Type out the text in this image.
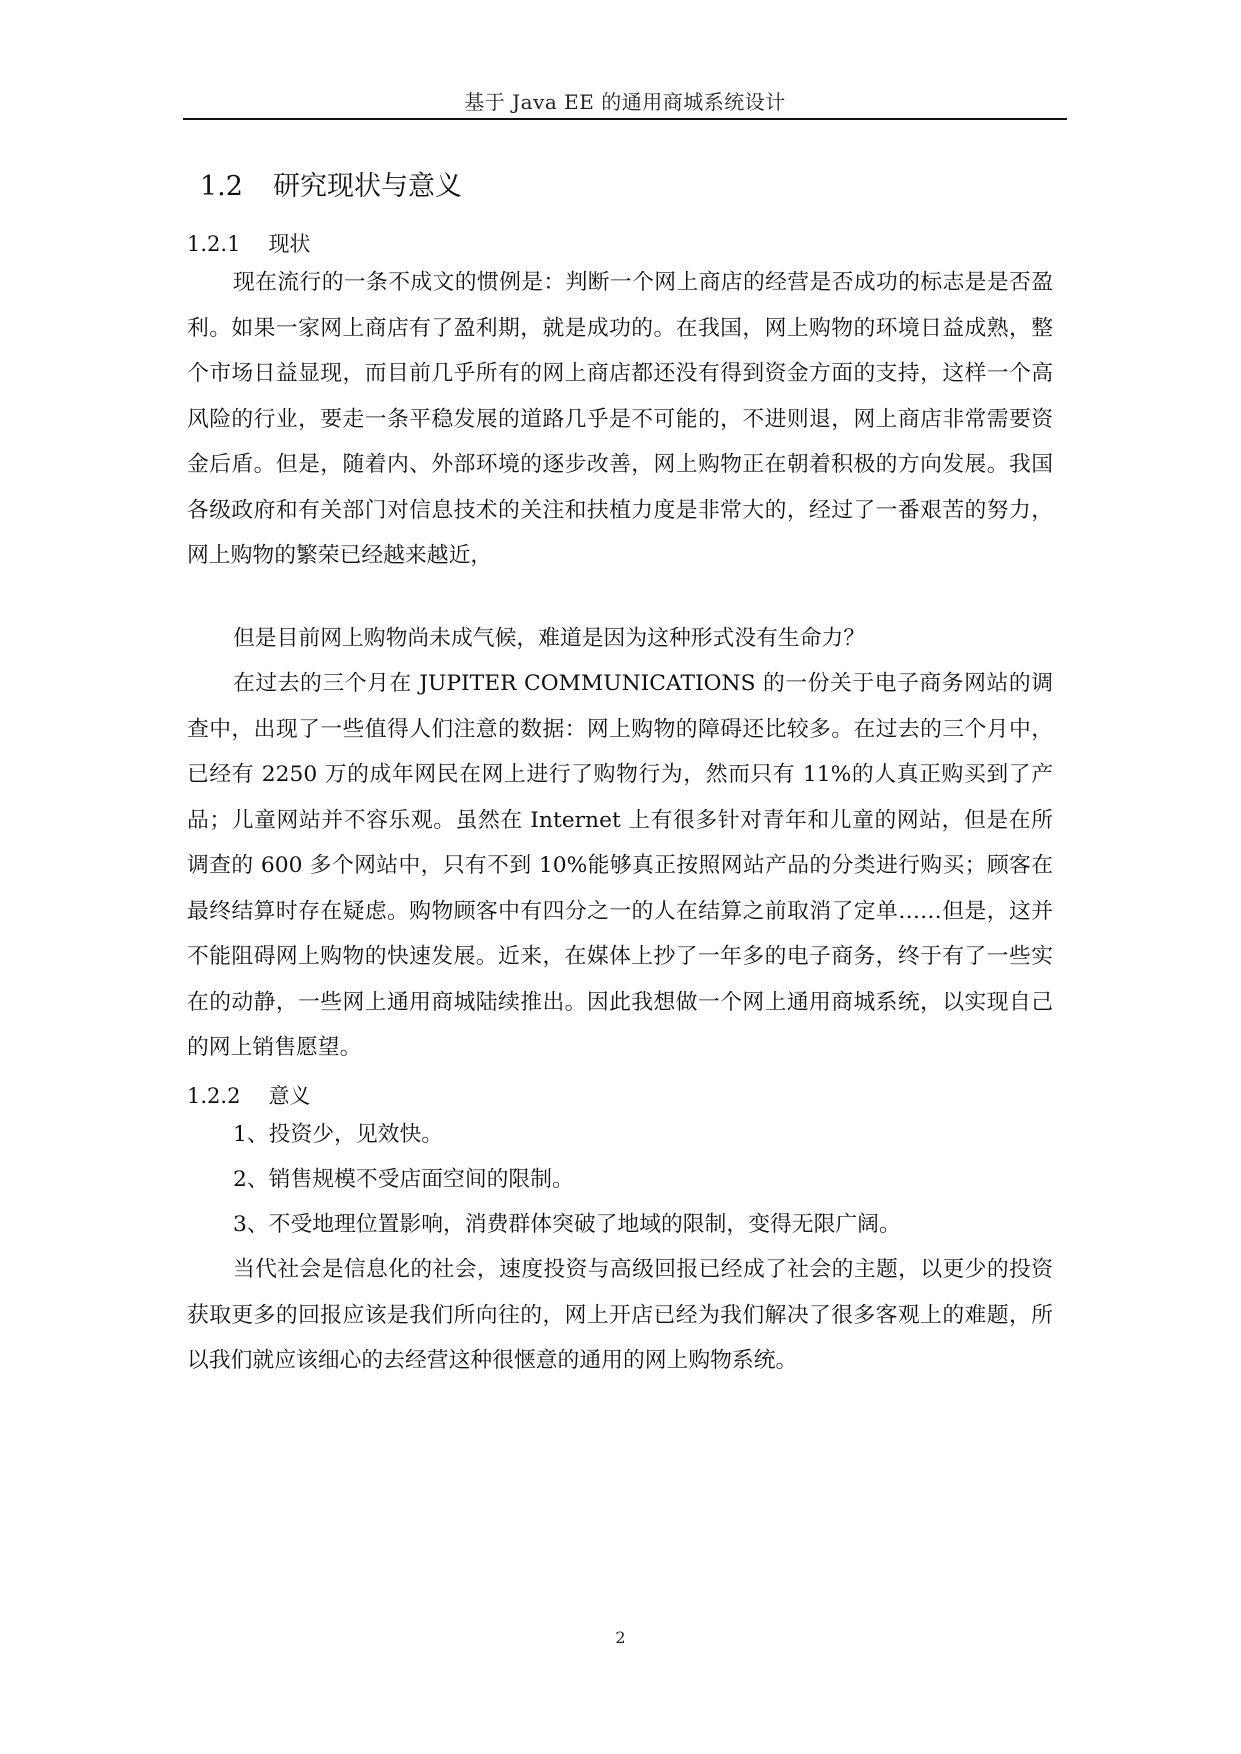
基于 Java EE 的通用商城系统设计
1.2 研究现状与意义
1.2.1 现状

现在流行的一条不成文的惯例是：判断一个网上商店的经营是否成功的标志是是否盈利。如果一家网上商店有了盈利期，就是成功的。在我国，网上购物的环境日益成熟，整个市场日益显现，而目前几乎所有的网上商店都还没有得到资金方面的支持，这样一个高风险的行业，要走一条平稳发展的道路几乎是不可能的，不进则退，网上商店非常需要资金后盾。但是，随着内、外部环境的逐步改善，网上购物正在朝着积极的方向发展。我国各级政府和有关部门对信息技术的关注和扶植力度是非常大的，经过了一番艰苦的努力，网上购物的繁荣已经越来越近，

但是目前网上购物尚未成气候，难道是因为这种形式没有生命力？

在过去的三个月在 JUPITER COMMUNICATIONS 的一份关于电子商务网站的调查中，出现了一些值得人们注意的数据：网上购物的障碍还比较多。在过去的三个月中，已经有 2250 万的成年网民在网上进行了购物行为，然而只有 11%的人真正购买到了产品；儿童网站并不容乐观。虽然在 Internet 上有很多针对青年和儿童的网站，但是在所调查的 600 多个网站中，只有不到 10%能够真正按照网站产品的分类进行购买；顾客在最终结算时存在疑虑。购物顾客中有四分之一的人在结算之前取消了定单……但是，这并不能阻碍网上购物的快速发展。近来，在媒体上抄了一年多的电子商务，终于有了一些实在的动静，一些网上通用商城陆续推出。因此我想做一个网上通用商城系统，以实现自己的网上销售愿望。

1.2.2 意义

1、投资少，见效快。

2、销售规模不受店面空间的限制。

3、不受地理位置影响，消费群体突破了地域的限制，变得无限广阔。

当代社会是信息化的社会，速度投资与高级回报已经成了社会的主题，以更少的投资获取更多的回报应该是我们所向往的，网上开店已经为我们解决了很多客观上的难题，所以我们就应该细心的去经营这种很惬意的通用的网上购物系统。

2
